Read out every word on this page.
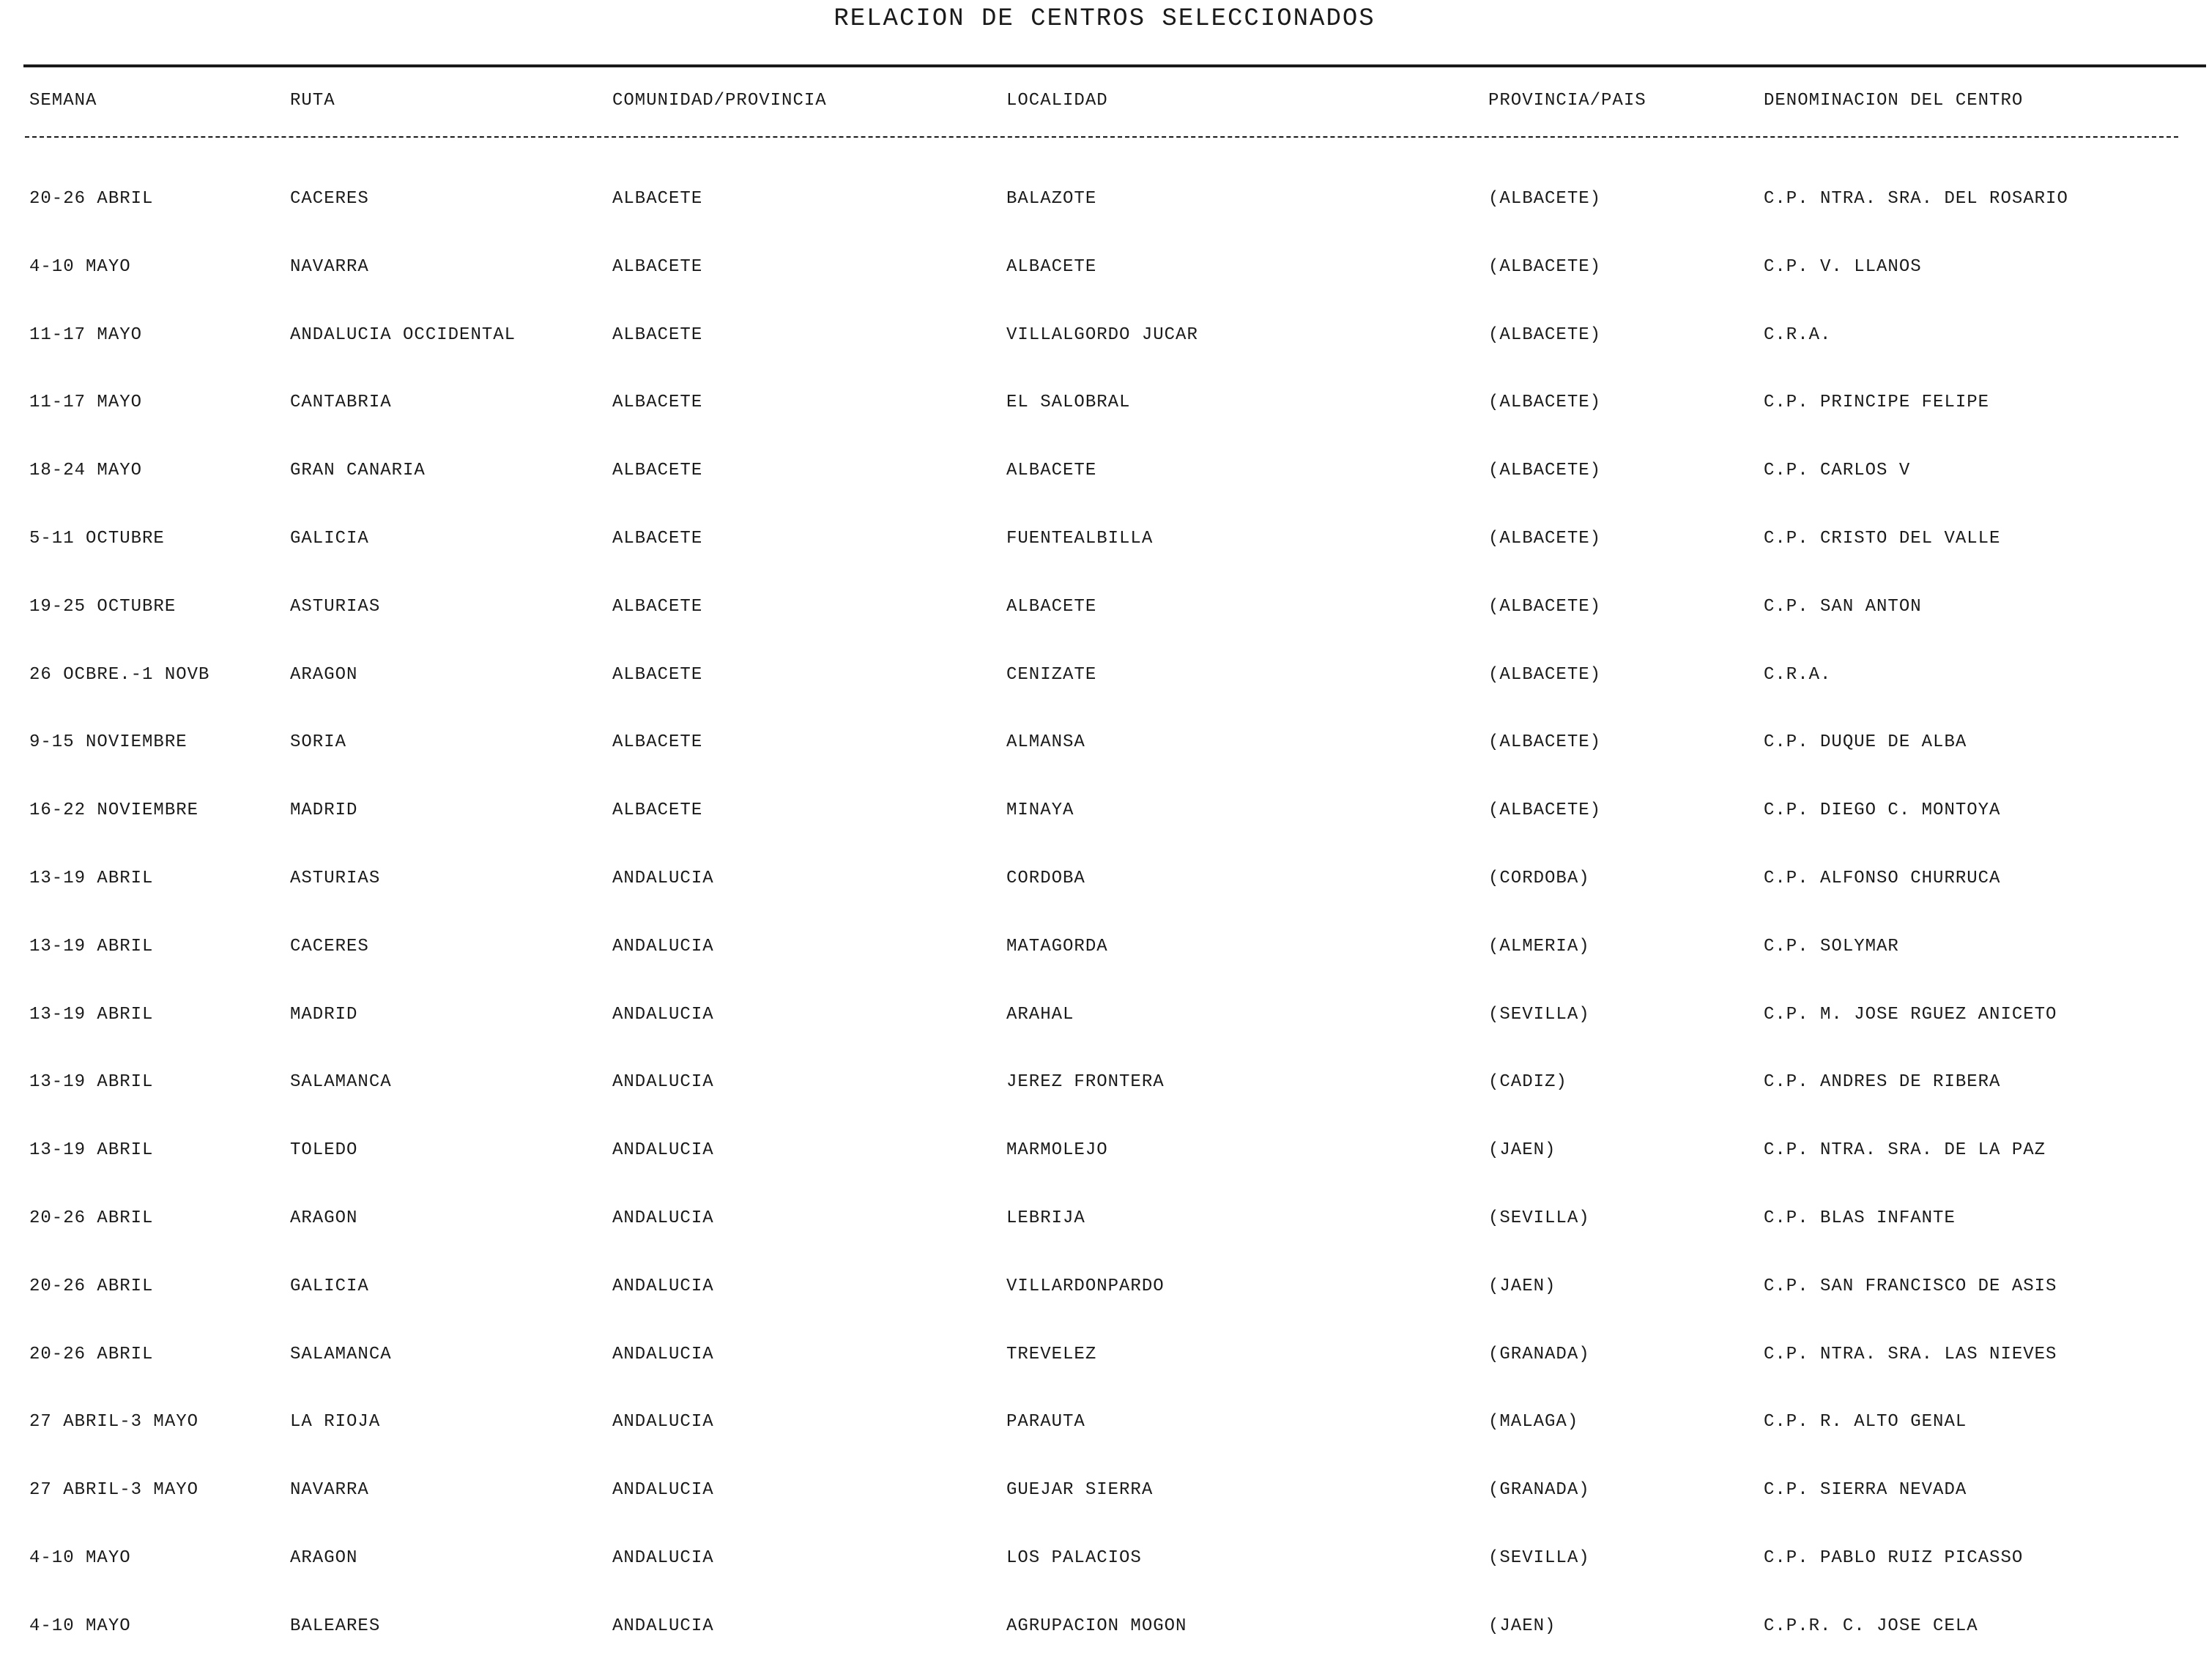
RELACION DE CENTROS SELECCIONADOS
SEMANA	RUTA	COMUNIDAD/PROVINCIA	LOCALIDAD	PROVINCIA/PAIS	DENOMINACION DEL CENTRO
20-26 ABRIL	CACERES	ALBACETE	BALAZOTE	(ALBACETE)	C.P. NTRA. SRA. DEL ROSARIO
4-10 MAYO	NAVARRA	ALBACETE	ALBACETE	(ALBACETE)	C.P. V. LLANOS
11-17 MAYO	ANDALUCIA OCCIDENTAL	ALBACETE	VILLALGORDO JUCAR	(ALBACETE)	C.R.A.
11-17 MAYO	CANTABRIA	ALBACETE	EL SALOBRAL	(ALBACETE)	C.P. PRINCIPE FELIPE
18-24 MAYO	GRAN CANARIA	ALBACETE	ALBACETE	(ALBACETE)	C.P. CARLOS V
5-11 OCTUBRE	GALICIA	ALBACETE	FUENTEALBILLA	(ALBACETE)	C.P. CRISTO DEL VALLE
19-25 OCTUBRE	ASTURIAS	ALBACETE	ALBACETE	(ALBACETE)	C.P. SAN ANTON
26 OCBRE.-1 NOVB	ARAGON	ALBACETE	CENIZATE	(ALBACETE)	C.R.A.
9-15 NOVIEMBRE	SORIA	ALBACETE	ALMANSA	(ALBACETE)	C.P. DUQUE DE ALBA
16-22 NOVIEMBRE	MADRID	ALBACETE	MINAYA	(ALBACETE)	C.P. DIEGO C. MONTOYA
13-19 ABRIL	ASTURIAS	ANDALUCIA	CORDOBA	(CORDOBA)	C.P. ALFONSO CHURRUCA
13-19 ABRIL	CACERES	ANDALUCIA	MATAGORDA	(ALMERIA)	C.P. SOLYMAR
13-19 ABRIL	MADRID	ANDALUCIA	ARAHAL	(SEVILLA)	C.P. M. JOSE RGUEZ ANICETO
13-19 ABRIL	SALAMANCA	ANDALUCIA	JEREZ FRONTERA	(CADIZ)	C.P. ANDRES DE RIBERA
13-19 ABRIL	TOLEDO	ANDALUCIA	MARMOLEJO	(JAEN)	C.P. NTRA. SRA. DE LA PAZ
20-26 ABRIL	ARAGON	ANDALUCIA	LEBRIJA	(SEVILLA)	C.P. BLAS INFANTE
20-26 ABRIL	GALICIA	ANDALUCIA	VILLARDONPARDO	(JAEN)	C.P. SAN FRANCISCO DE ASIS
20-26 ABRIL	SALAMANCA	ANDALUCIA	TREVELEZ	(GRANADA)	C.P. NTRA. SRA. LAS NIEVES
27 ABRIL-3 MAYO	LA RIOJA	ANDALUCIA	PARAUTA	(MALAGA)	C.P. R. ALTO GENAL
27 ABRIL-3 MAYO	NAVARRA	ANDALUCIA	GUEJAR SIERRA	(GRANADA)	C.P. SIERRA NEVADA
4-10 MAYO	ARAGON	ANDALUCIA	LOS PALACIOS	(SEVILLA)	C.P. PABLO RUIZ PICASSO
4-10 MAYO	BALEARES	ANDALUCIA	AGRUPACION MOGON	(JAEN)	C.P.R. C. JOSE CELA
